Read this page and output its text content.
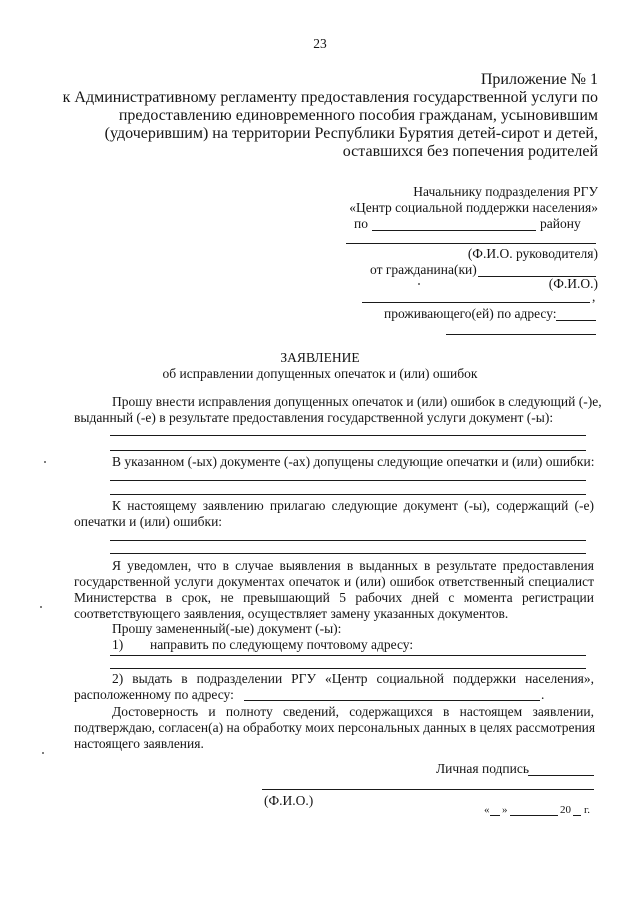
23
Приложение № 1
к Административному регламенту предоставления государственной услуги по
предоставлению единовременного пособия гражданам, усыновившим
(удочерившим) на территории Республики Бурятия детей-сирот и детей,
оставшихся без попечения родителей
Начальнику подразделения РГУ
«Центр социальной поддержки населения»
по	району
(Ф.И.О. руководителя)
от гражданина(ки)
(Ф.И.О.)
,
проживающего(ей) по адресу:
ЗАЯВЛЕНИЕ
об исправлении допущенных опечаток и (или) ошибок
Прошу внести исправления допущенных опечаток и (или) ошибок в следующий (-)е,
выданный (-е) в результате предоставления государственной услуги документ (-ы):
В указанном (-ых) документе (-ах) допущены следующие опечатки и (или) ошибки:
К настоящему заявлению прилагаю следующие документ (-ы), содержащий (-е)
опечатки и (или) ошибки:
Я уведомлен, что в случае выявления в выданных в результате предоставления
государственной услуги документах опечаток и (или) ошибок ответственный специалист
Министерства в срок, не превышающий 5 рабочих дней с момента регистрации
соответствующего заявления, осуществляет замену указанных документов.
Прошу замененный(-ые) документ (-ы):
1) направить по следующему почтовому адресу:
2) выдать в подразделении РГУ «Центр социальной поддержки населения»,
расположенному по адресу:	.
Достоверность и полноту сведений, содержащихся в настоящем заявлении,
подтверждаю, согласен(а) на обработку моих персональных данных в целях рассмотрения
настоящего заявления.
Личная подпись
(Ф.И.О.)
« »	20 г.
